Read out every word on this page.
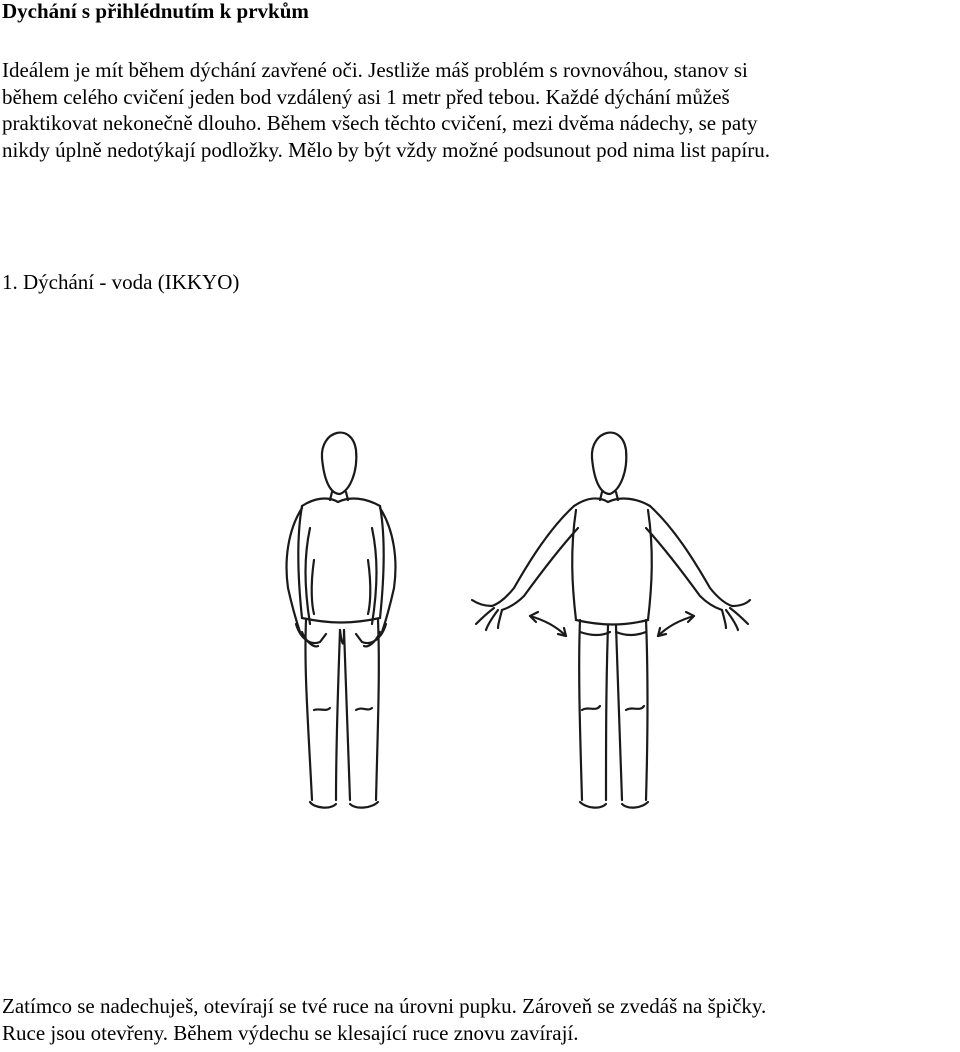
Dychání s přihlédnutím k prvkům
Ideálem je mít během dýchání zavřené oči. Jestliže máš problém s rovnováhou, stanov si
během celého cvičení jeden bod vzdálený asi 1 metr před tebou. Každé dýchání můžeš
praktikovat nekonečně dlouho. Během všech těchto cvičení, mezi dvěma nádechy, se paty
nikdy úplně nedotýkají podložky. Mělo by být vždy možné podsunout pod nima list papíru.
1. Dýchání - voda (IKKYO)
Zatímco se nadechuješ, otevírají se tvé ruce na úrovni pupku. Zároveň se zvedáš na špičky.
Ruce jsou otevřeny. Během výdechu se klesající ruce znovu zavírají.
